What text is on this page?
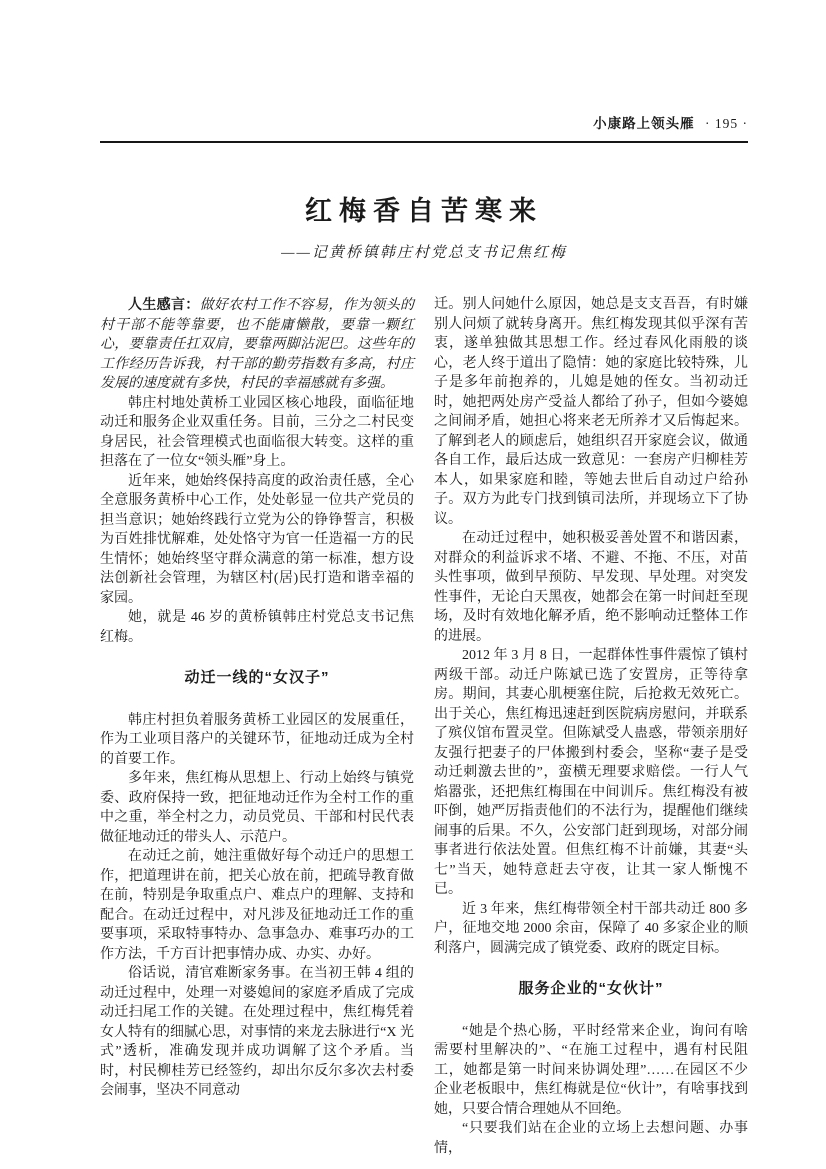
小康路上领头雁 · 195 ·
红梅香自苦寒来
——记黄桥镇韩庄村党总支书记焦红梅

人生感言：做好农村工作不容易，作为领头的村干部不能等靠要，也不能庸懒散，要靠一颗红心，要靠责任扛双肩，要靠两脚沾泥巴。这些年的工作经历告诉我，村干部的勤劳指数有多高，村庄发展的速度就有多快，村民的幸福感就有多强。

韩庄村地处黄桥工业园区核心地段，面临征地动迁和服务企业双重任务。目前，三分之二村民变身居民，社会管理模式也面临很大转变。这样的重担落在了一位女“领头雁”身上。

近年来，她始终保持高度的政治责任感，全心全意服务黄桥中心工作，处处彰显一位共产党员的担当意识；她始终践行立党为公的铮铮誓言，积极为百姓排忧解难，处处恪守为官一任造福一方的民生情怀；她始终坚守群众满意的第一标准，想方设法创新社会管理，为辖区村(居)民打造和谐幸福的家园。

她，就是 46 岁的黄桥镇韩庄村党总支书记焦红梅。

动迁一线的“女汉子”

韩庄村担负着服务黄桥工业园区的发展重任，作为工业项目落户的关键环节，征地动迁成为全村的首要工作。

多年来，焦红梅从思想上、行动上始终与镇党委、政府保持一致，把征地动迁作为全村工作的重中之重，举全村之力，动员党员、干部和村民代表做征地动迁的带头人、示范户。

在动迁之前，她注重做好每个动迁户的思想工作，把道理讲在前，把关心放在前，把疏导教育做在前，特别是争取重点户、难点户的理解、支持和配合。在动迁过程中，对凡涉及征地动迁工作的重要事项，采取特事特办、急事急办、难事巧办的工作方法，千方百计把事情办成、办实、办好。

俗话说，清官难断家务事。在当初王韩 4 组的动迁过程中，处理一对婆媳间的家庭矛盾成了完成动迁扫尾工作的关键。在处理过程中，焦红梅凭着女人特有的细腻心思，对事情的来龙去脉进行“X 光式”透析，准确发现并成功调解了这个矛盾。当时，村民柳桂芳已经签约，却出尔反尔多次去村委会闹事，坚决不同意动

迁。别人问她什么原因，她总是支支吾吾，有时嫌别人问烦了就转身离开。焦红梅发现其似乎深有苦衷，遂单独做其思想工作。经过春风化雨般的谈心，老人终于道出了隐情：她的家庭比较特殊，儿子是多年前抱养的，儿媳是她的侄女。当初动迁时，她把两处房产受益人都给了孙子，但如今婆媳之间闹矛盾，她担心将来老无所养才又后悔起来。了解到老人的顾虑后，她组织召开家庭会议，做通各自工作，最后达成一致意见：一套房产归柳桂芳本人，如果家庭和睦，等她去世后自动过户给孙子。双方为此专门找到镇司法所，并现场立下了协议。

在动迁过程中，她积极妥善处置不和谐因素，对群众的利益诉求不堵、不避、不拖、不压，对苗头性事项，做到早预防、早发现、早处理。对突发性事件，无论白天黑夜，她都会在第一时间赶至现场，及时有效地化解矛盾，绝不影响动迁整体工作的进展。

2012 年 3 月 8 日，一起群体性事件震惊了镇村两级干部。动迁户陈斌已选了安置房，正等待拿房。期间，其妻心肌梗塞住院，后抢救无效死亡。出于关心，焦红梅迅速赶到医院病房慰问，并联系了殡仪馆布置灵堂。但陈斌受人蛊惑，带领亲朋好友强行把妻子的尸体搬到村委会，坚称“妻子是受动迁刺激去世的”，蛮横无理要求赔偿。一行人气焰嚣张，还把焦红梅围在中间训斥。焦红梅没有被吓倒，她严厉指责他们的不法行为，提醒他们继续闹事的后果。不久，公安部门赶到现场，对部分闹事者进行依法处置。但焦红梅不计前嫌，其妻“头七”当天，她特意赶去守夜，让其一家人惭愧不已。

近 3 年来，焦红梅带领全村干部共动迁 800 多户，征地交地 2000 余亩，保障了 40 多家企业的顺利落户，圆满完成了镇党委、政府的既定目标。

服务企业的“女伙计”

“她是个热心肠，平时经常来企业，询问有啥需要村里解决的”、“在施工过程中，遇有村民阻工，她都是第一时间来协调处理”……在园区不少企业老板眼中，焦红梅就是位“伙计”，有啥事找到她，只要合情合理她从不回绝。

“只要我们站在企业的立场上去想问题、办事情，
